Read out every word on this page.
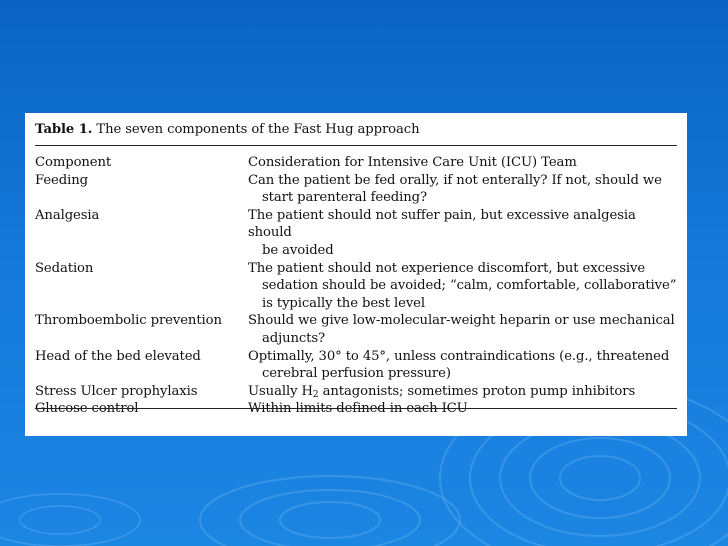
Table 1. The seven components of the Fast Hug approach
Component	Consideration for Intensive Care Unit (ICU) Team
Feeding	Can the patient be fed orally, if not enterally? If not, should we
start parenteral feeding?
Analgesia	The patient should not suffer pain, but excessive analgesia should
be avoided
Sedation	The patient should not experience discomfort, but excessive
sedation should be avoided; “calm, comfortable, collaborative”
is typically the best level
Thromboembolic prevention	Should we give low-molecular-weight heparin or use mechanical
adjuncts?
Head of the bed elevated	Optimally, 30° to 45°, unless contraindications (e.g., threatened
cerebral perfusion pressure)
Stress Ulcer prophylaxis	Usually $H_2$ antagonists; sometimes proton pump inhibitors
Glucose control	Within limits defined in each ICU
